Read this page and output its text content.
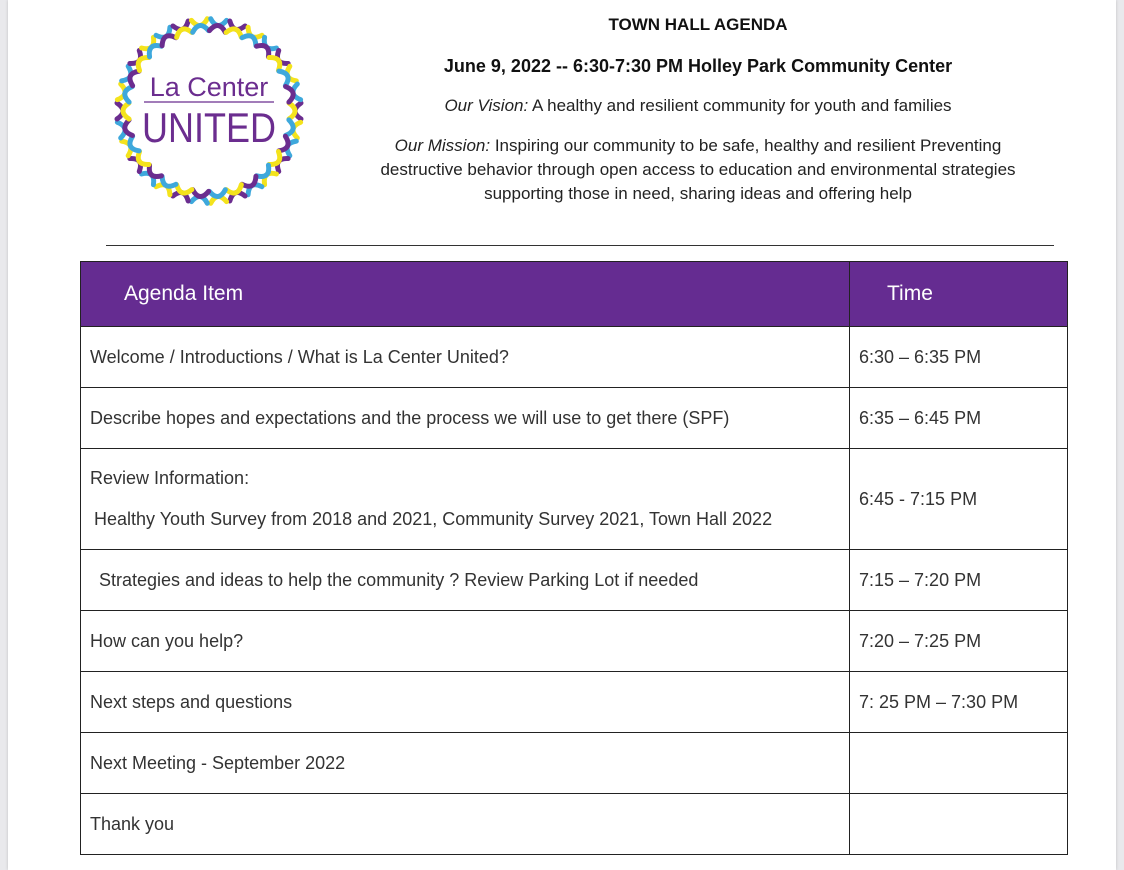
La Center
UNITED
TOWN HALL AGENDA
June 9, 2022 -- 6:30-7:30 PM Holley Park Community Center
Our Vision: A healthy and resilient community for youth and families
Our Mission: Inspiring our community to be safe, healthy and resilient Preventing
destructive behavior through open access to education and environmental strategies
supporting those in need, sharing ideas and offering help
Agenda Item	Time
Welcome / Introductions / What is La Center United?	6:30 – 6:35 PM
Describe hopes and expectations and the process we will use to get there (SPF)	6:35 – 6:45 PM

Review Information:
Healthy Youth Survey from 2018 and 2021, Community Survey 2021, Town Hall 2022	6:45 - 7:15 PM
Strategies and ideas to help the community ? Review Parking Lot if needed	7:15 – 7:20 PM
How can you help?	7:20 – 7:25 PM
Next steps and questions	7: 25 PM – 7:30 PM
Next Meeting - September 2022	
Thank you	
